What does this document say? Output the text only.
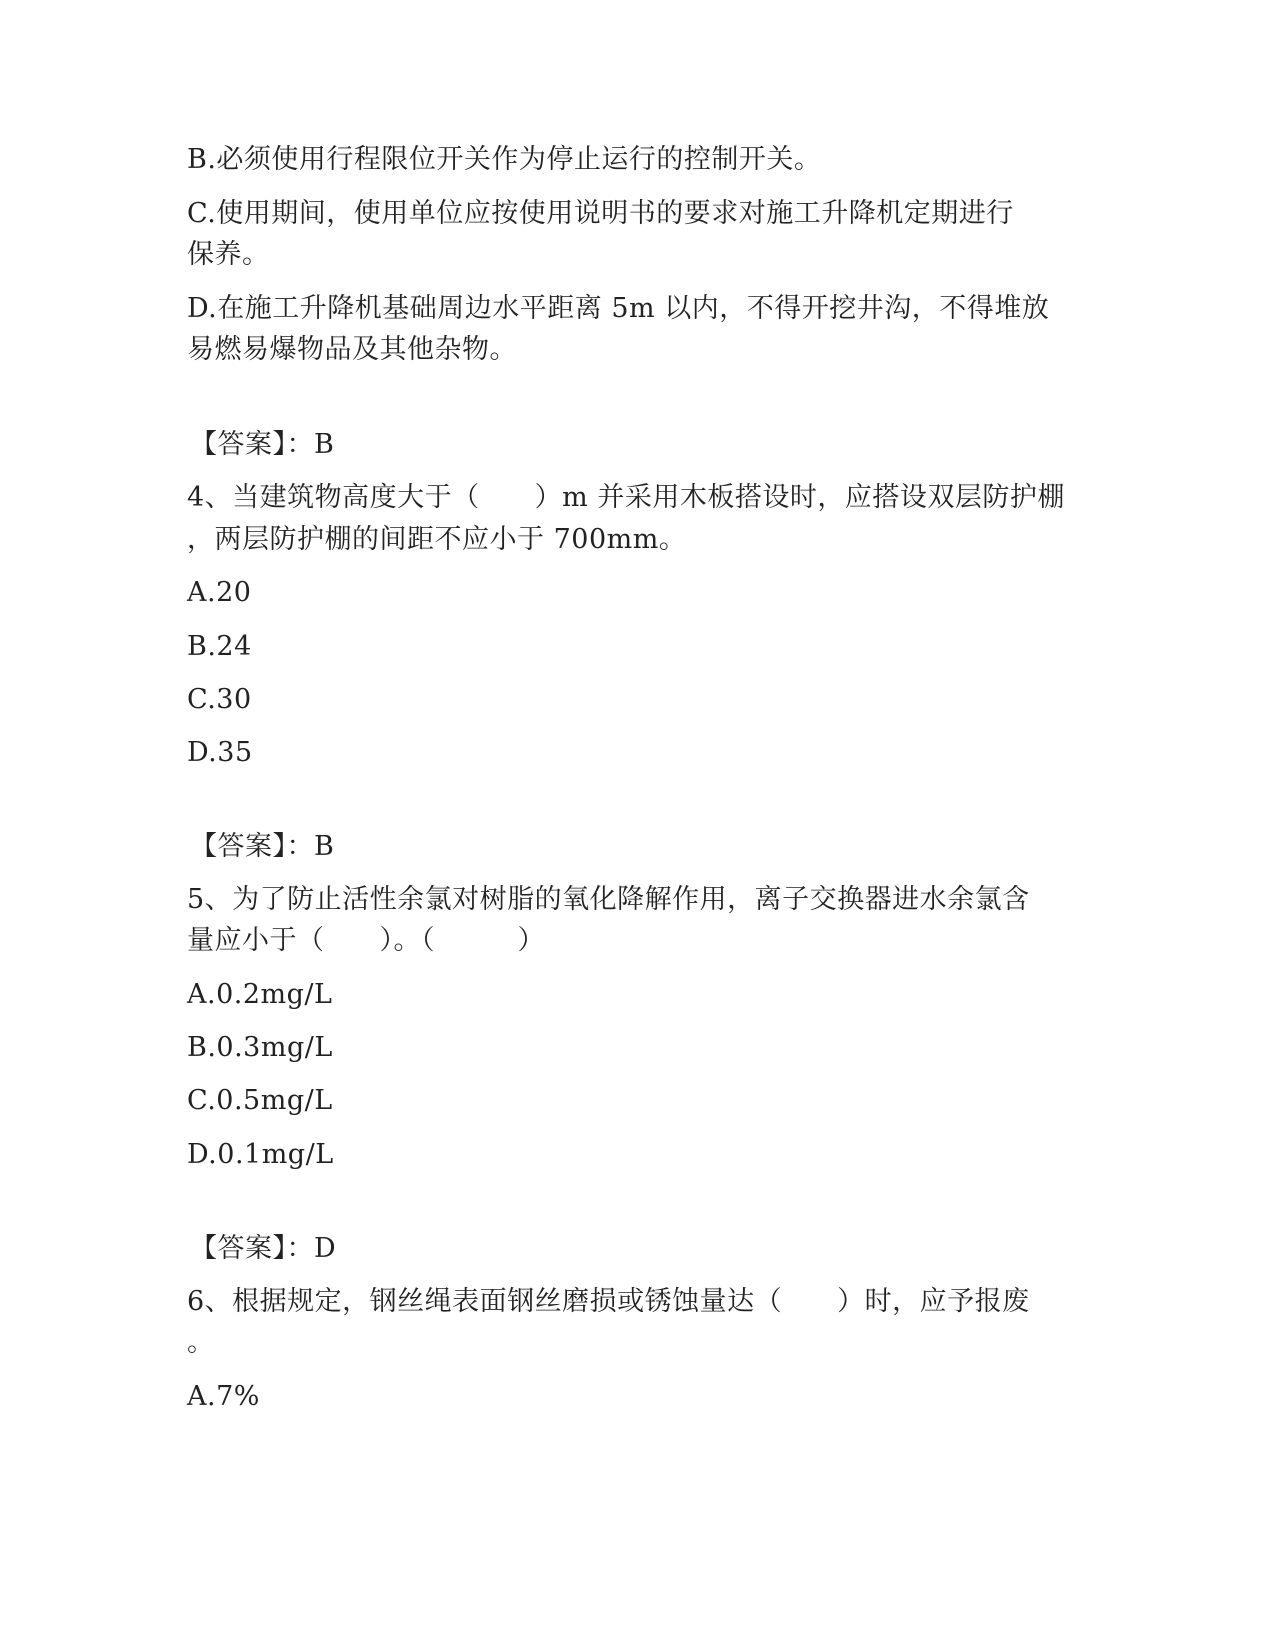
B.必须使用行程限位开关作为停止运行的控制开关。
C.使用期间，使用单位应按使用说明书的要求对施工升降机定期进行
保养。
D.在施工升降机基础周边水平距离 5m 以内，不得开挖井沟，不得堆放
易燃易爆物品及其他杂物。
【答案】：B
4、当建筑物高度大于（　　）m 并采用木板搭设时，应搭设双层防护棚
，两层防护棚的间距不应小于 700mm。
A.20
B.24
C.30
D.35
【答案】：B
5、为了防止活性余氯对树脂的氧化降解作用，离子交换器进水余氯含
量应小于（　　）。（　　　）
A.0.2mg/L
B.0.3mg/L
C.0.5mg/L
D.0.1mg/L
【答案】：D
6、根据规定，钢丝绳表面钢丝磨损或锈蚀量达（　　）时，应予报废
。
A.7%
